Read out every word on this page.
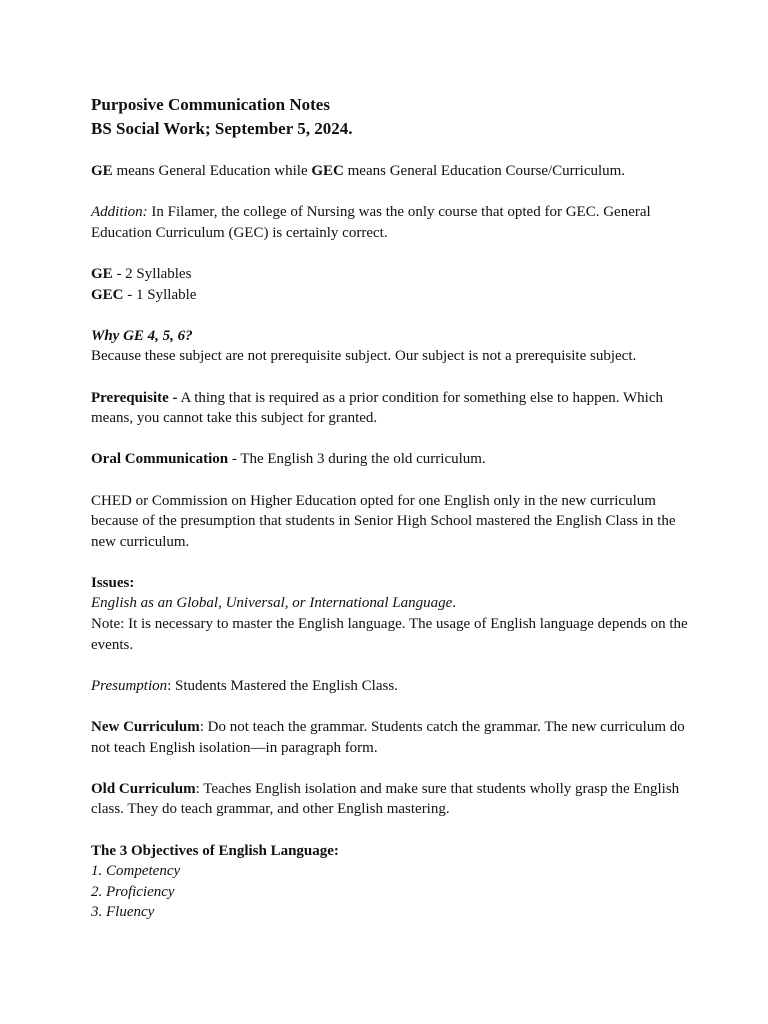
Purposive Communication Notes
BS Social Work; September 5, 2024.

GE means General Education while GEC means General Education Course/Curriculum.

Addition: In Filamer, the college of Nursing was the only course that opted for GEC. General Education Curriculum (GEC) is certainly correct.

GE - 2 Syllables

GEC - 1 Syllable

Why GE 4, 5, 6?

Because these subject are not prerequisite subject. Our subject is not a prerequisite subject.

Prerequisite - A thing that is required as a prior condition for something else to happen. Which means, you cannot take this subject for granted.

Oral Communication - The English 3 during the old curriculum.

CHED or Commission on Higher Education opted for one English only in the new curriculum because of the presumption that students in Senior High School mastered the English Class in the new curriculum.

Issues:

English as an Global, Universal, or International Language.

Note: It is necessary to master the English language. The usage of English language depends on the events.

Presumption: Students Mastered the English Class.

New Curriculum: Do not teach the grammar. Students catch the grammar. The new curriculum do not teach English isolation—in paragraph form.

Old Curriculum: Teaches English isolation and make sure that students wholly grasp the English class. They do teach grammar, and other English mastering.

The 3 Objectives of English Language:

1. Competency

2. Proficiency

3. Fluency
